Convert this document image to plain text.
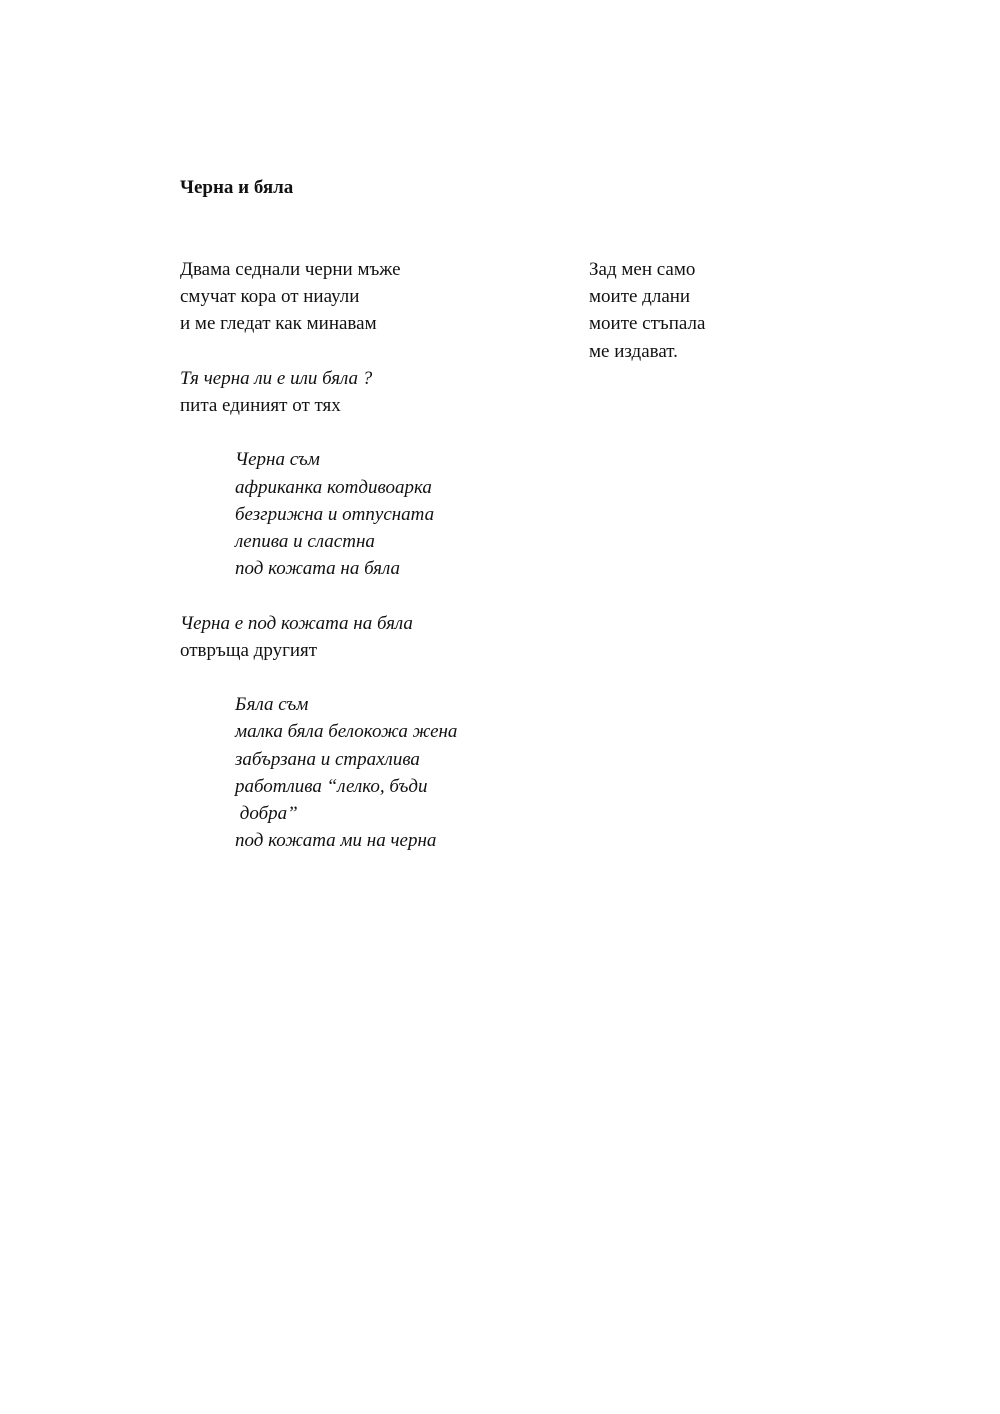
Черна и бяла
Двама седнали черни мъже
смучат кора от ниаули
и ме гледат как минавам
Тя черна ли е или бяла ?
пита единият от тях
Черна съм
африканка котдивоарка
безгрижна и отпусната
лenива и сластна
под кожата на бяла
Черна е под кожата на бяла
отвръща другият
Бяла съм
малка бяла белокожа жена
забързана и страхлива
работлива “лелко, бъди
добра”
под кожата ми на черна
Зад мен само
моите длани
моите стъпала
ме издават.
